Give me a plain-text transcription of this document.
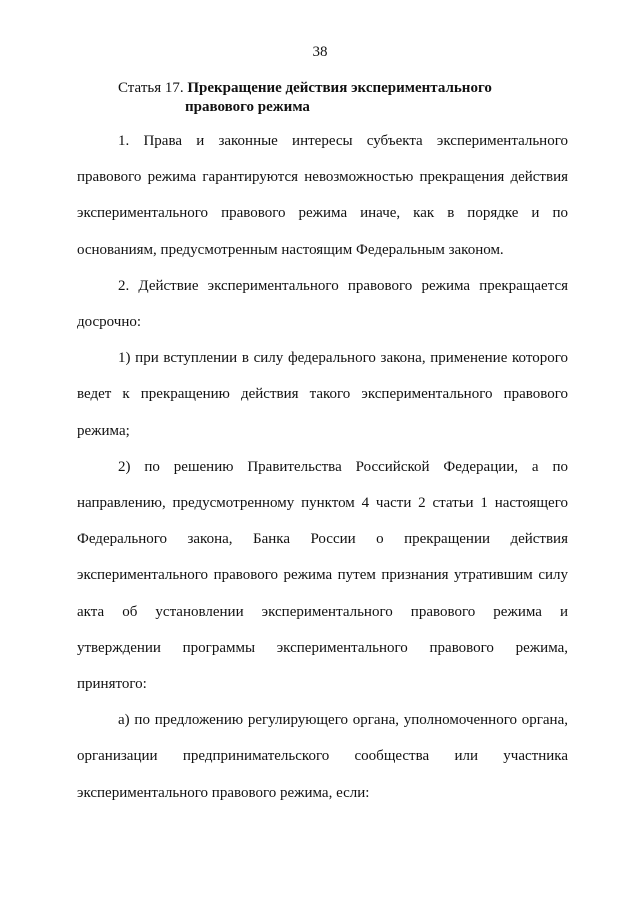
38
Статья 17. Прекращение действия экспериментального
правового режима

1. Права и законные интересы субъекта экспериментального правового режима гарантируются невозможностью прекращения действия экспериментального правового режима иначе, как в порядке и по основаниям, предусмотренным настоящим Федеральным законом.

2. Действие экспериментального правового режима прекращается досрочно:

1) при вступлении в силу федерального закона, применение которого ведет к прекращению действия такого экспериментального правового режима;

2) по решению Правительства Российской Федерации, а по направлению, предусмотренному пунктом 4 части 2 статьи 1 настоящего Федерального закона, Банка России о прекращении действия экспериментального правового режима путем признания утратившим силу акта об установлении экспериментального правового режима и утверждении программы экспериментального правового режима, принятого:

а) по предложению регулирующего органа, уполномоченного органа, организации предпринимательского сообщества или участника экспериментального правового режима, если:
